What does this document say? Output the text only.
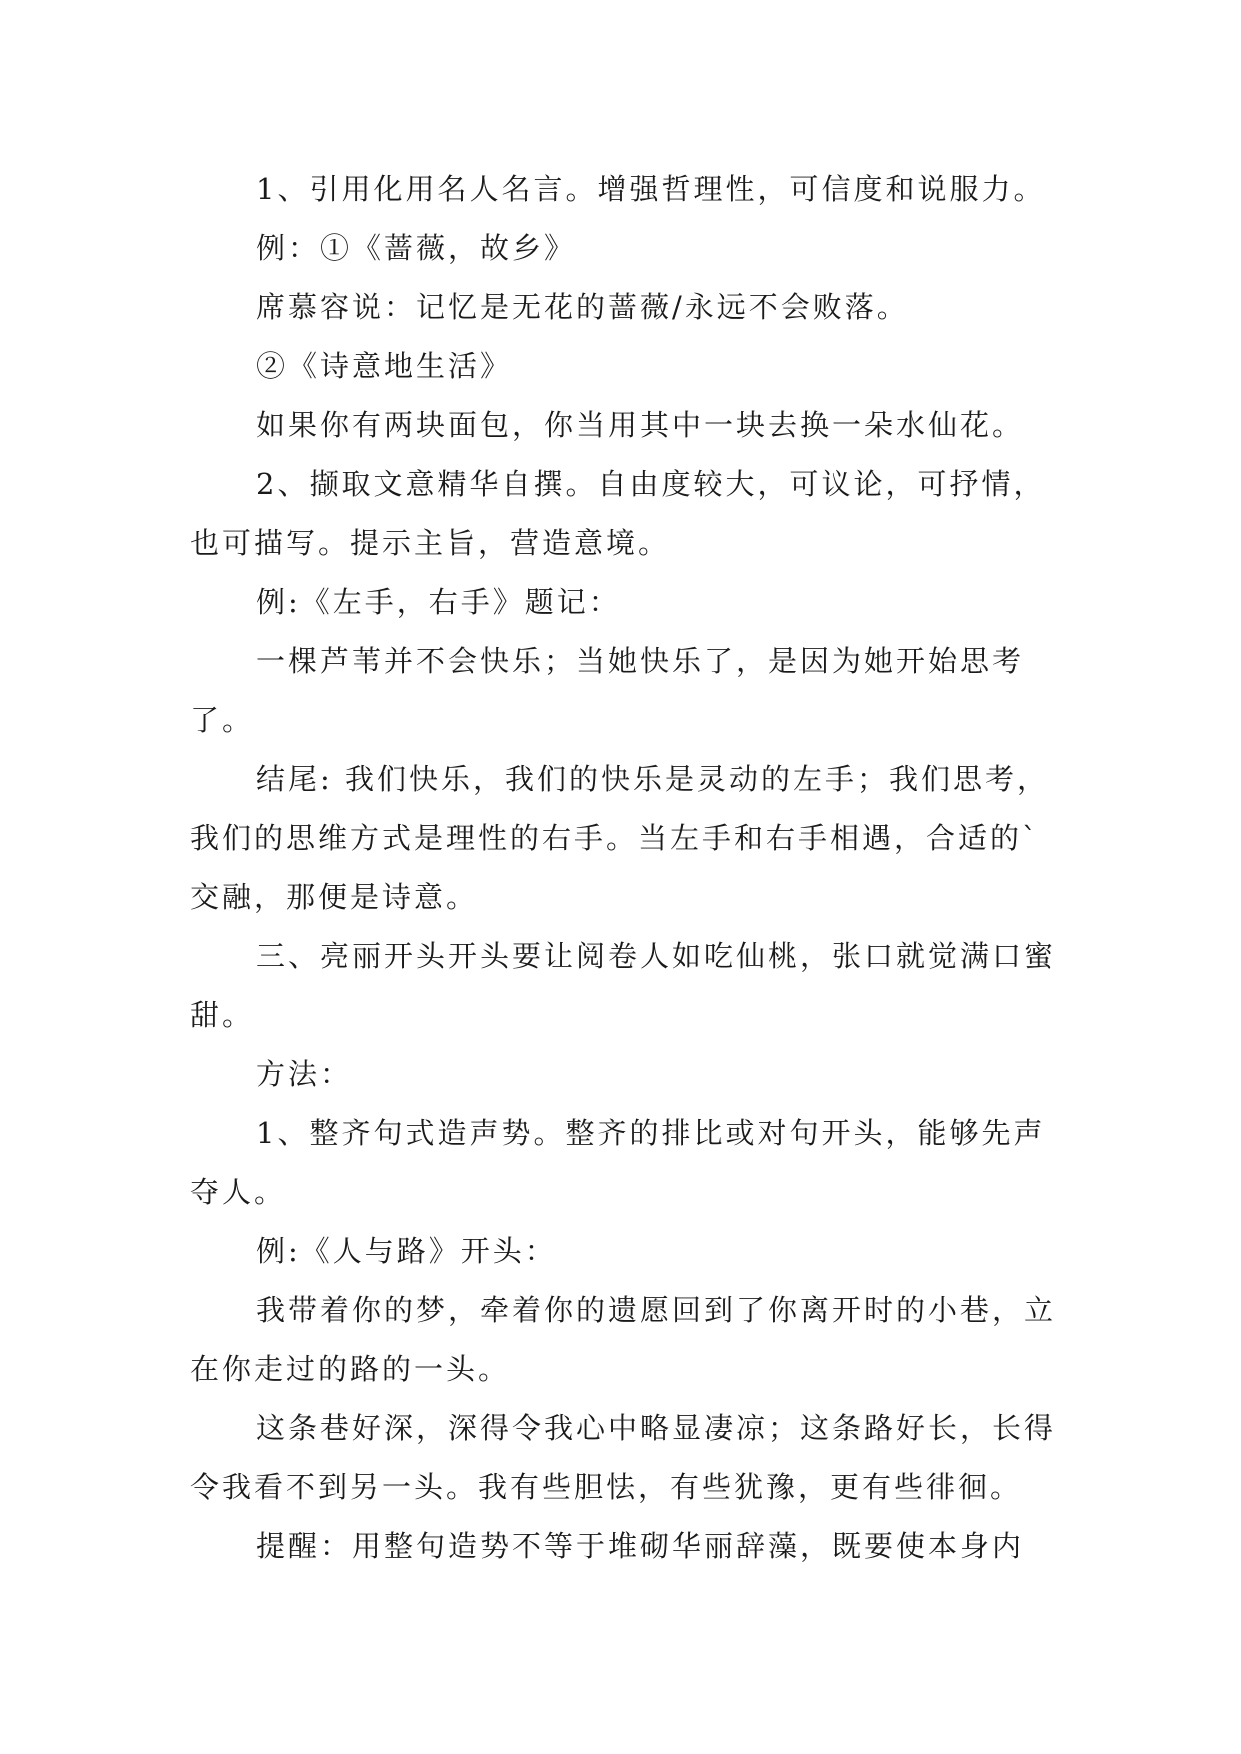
1、引用化用名人名言。增强哲理性，可信度和说服力。

例：①《蔷薇，故乡》

席慕容说：记忆是无花的蔷薇/永远不会败落。

②《诗意地生活》

如果你有两块面包，你当用其中一块去换一朵水仙花。

2、撷取文意精华自撰。自由度较大，可议论，可抒情，也可描写。提示主旨，营造意境。

例:《左手，右手》题记：

一棵芦苇并不会快乐；当她快乐了，是因为她开始思考了。

结尾: 我们快乐，我们的快乐是灵动的左手；我们思考，我们的思维方式是理性的右手。当左手和右手相遇，合适的`交融，那便是诗意。

三、亮丽开头开头要让阅卷人如吃仙桃，张口就觉满口蜜甜。

方法：

1、整齐句式造声势。整齐的排比或对句开头，能够先声夺人。

例:《人与路》开头：

我带着你的梦，牵着你的遗愿回到了你离开时的小巷，立在你走过的路的一头。

这条巷好深，深得令我心中略显凄凉；这条路好长，长得令我看不到另一头。我有些胆怯，有些犹豫，更有些徘徊。

提醒：用整句造势不等于堆砌华丽辞藻，既要使本身内
